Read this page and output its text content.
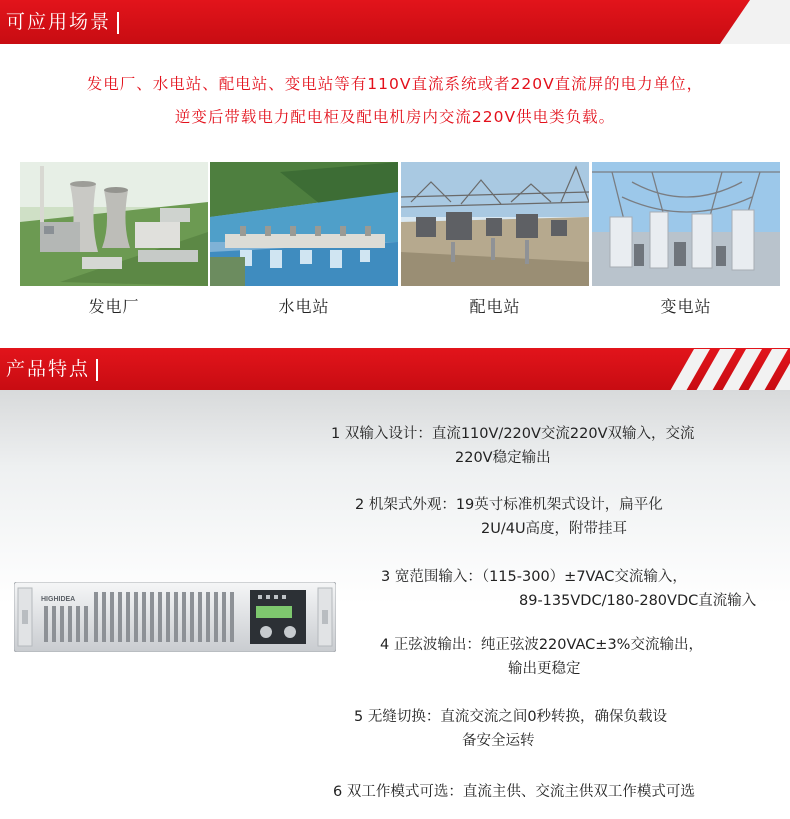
可应用场景
发电厂、水电站、配电站、变电站等有110V直流系统或者220V直流屏的电力单位，
逆变后带载电力配电柜及配电机房内交流220V供电类负载。
发电厂	水电站	配电站	变电站
产品特点
HIGHIDEA
1 双输入设计：直流110V/220V交流220V双输入，交流
220V稳定输出
2 机架式外观：19英寸标准机架式设计，扁平化
2U/4U高度，附带挂耳
3 宽范围输入：（115-300）±7VAC交流输入，
89-135VDC/180-280VDC直流输入
4 正弦波输出：纯正弦波220VAC±3%交流输出，
输出更稳定
5 无缝切换：直流交流之间0秒转换，确保负载设
备安全运转
6 双工作模式可选：直流主供、交流主供双工作模式可选
